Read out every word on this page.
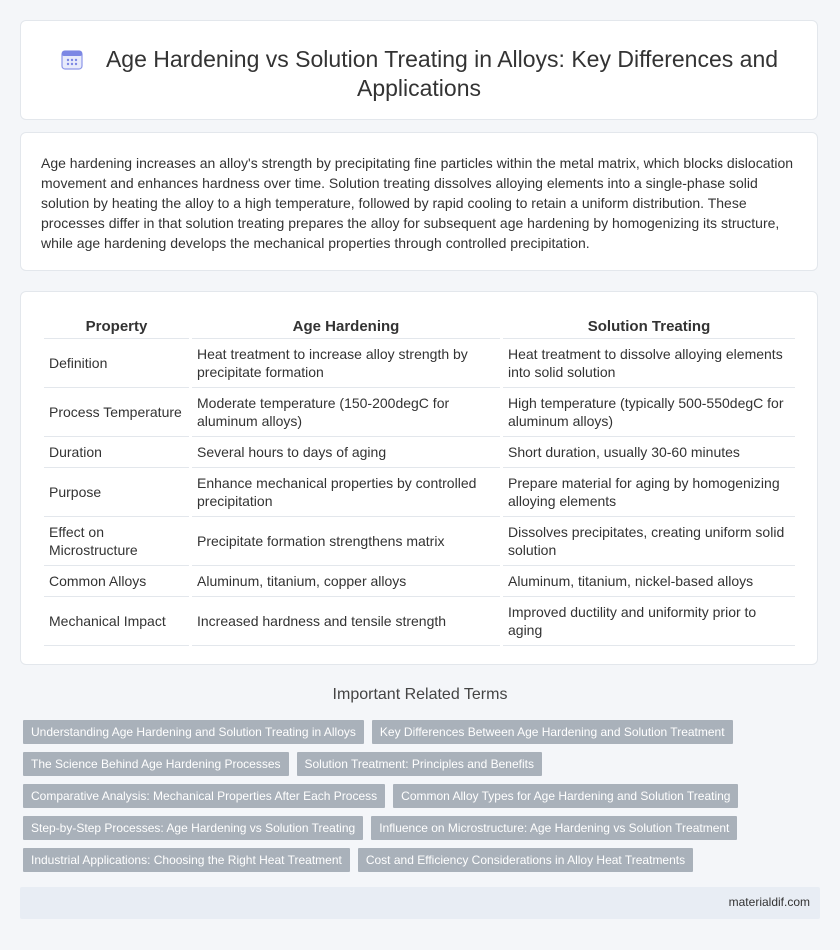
Age Hardening vs Solution Treating in Alloys: Key Differences and Applications
Age hardening increases an alloy's strength by precipitating fine particles within the metal matrix, which blocks dislocation movement and enhances hardness over time. Solution treating dissolves alloying elements into a single-phase solid solution by heating the alloy to a high temperature, followed by rapid cooling to retain a uniform distribution. These processes differ in that solution treating prepares the alloy for subsequent age hardening by homogenizing its structure, while age hardening develops the mechanical properties through controlled precipitation.
Property	Age Hardening	Solution Treating
Definition	Heat treatment to increase alloy strength by precipitate formation	Heat treatment to dissolve alloying elements into solid solution
Process Temperature	Moderate temperature (150-200degC for aluminum alloys)	High temperature (typically 500-550degC for aluminum alloys)
Duration	Several hours to days of aging	Short duration, usually 30-60 minutes
Purpose	Enhance mechanical properties by controlled precipitation	Prepare material for aging by homogenizing alloying elements
Effect on Microstructure	Precipitate formation strengthens matrix	Dissolves precipitates, creating uniform solid solution
Common Alloys	Aluminum, titanium, copper alloys	Aluminum, titanium, nickel-based alloys
Mechanical Impact	Increased hardness and tensile strength	Improved ductility and uniformity prior to aging
Important Related Terms
Understanding Age Hardening and Solution Treating in Alloys	Key Differences Between Age Hardening and Solution Treatment
The Science Behind Age Hardening Processes	Solution Treatment: Principles and Benefits
Comparative Analysis: Mechanical Properties After Each Process	Common Alloy Types for Age Hardening and Solution Treating
Step-by-Step Processes: Age Hardening vs Solution Treating	Influence on Microstructure: Age Hardening vs Solution Treatment
Industrial Applications: Choosing the Right Heat Treatment	Cost and Efficiency Considerations in Alloy Heat Treatments
materialdif.com
